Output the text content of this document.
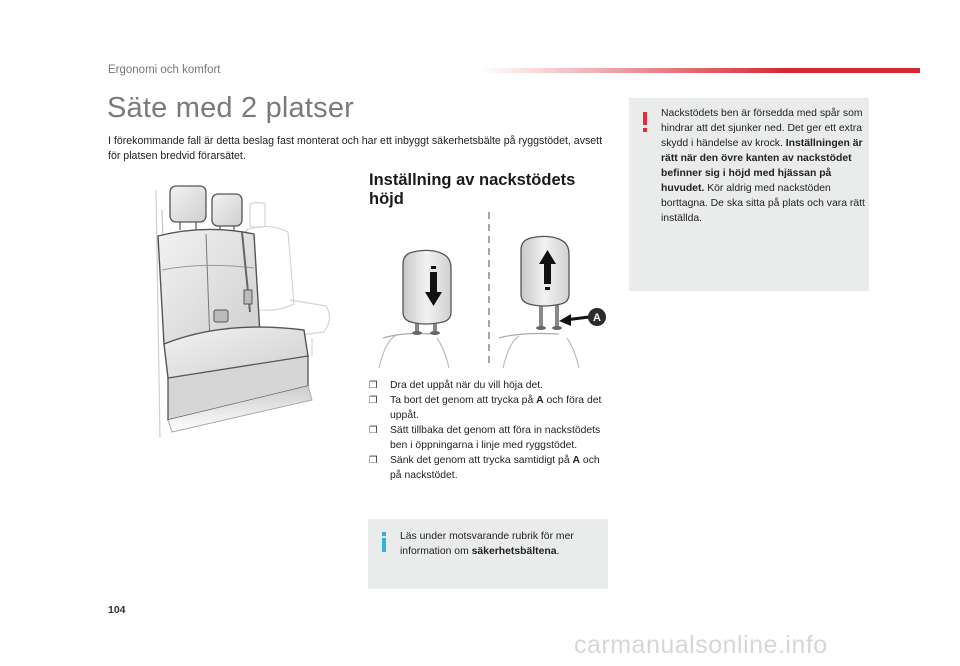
Ergonomi och komfort
Säte med 2 platser
I förekommande fall är detta beslag fast monterat och har ett inbyggt säkerhetsbälte på ryggstödet, avsett för platsen bredvid förarsätet.
Inställning av nackstödets höjd
A
❒ Dra det uppåt när du vill höja det.
❒ Ta bort det genom att trycka på A och föra det uppåt.
❒ Sätt tillbaka det genom att föra in nackstödets ben i öppningarna i linje med ryggstödet.
❒ Sänk det genom att trycka samtidigt på A och på nackstödet.
Läs under motsvarande rubrik för mer information om säkerhetsbältena.
Nackstödets ben är försedda med spår som hindrar att det sjunker ned. Det ger ett extra skydd i händelse av krock. Inställningen är rätt när den övre kanten av nackstödet befinner sig i höjd med hjässan på huvudet. Kör aldrig med nackstöden borttagna. De ska sitta på plats och vara rätt inställda.
104
carmanualsonline.info
